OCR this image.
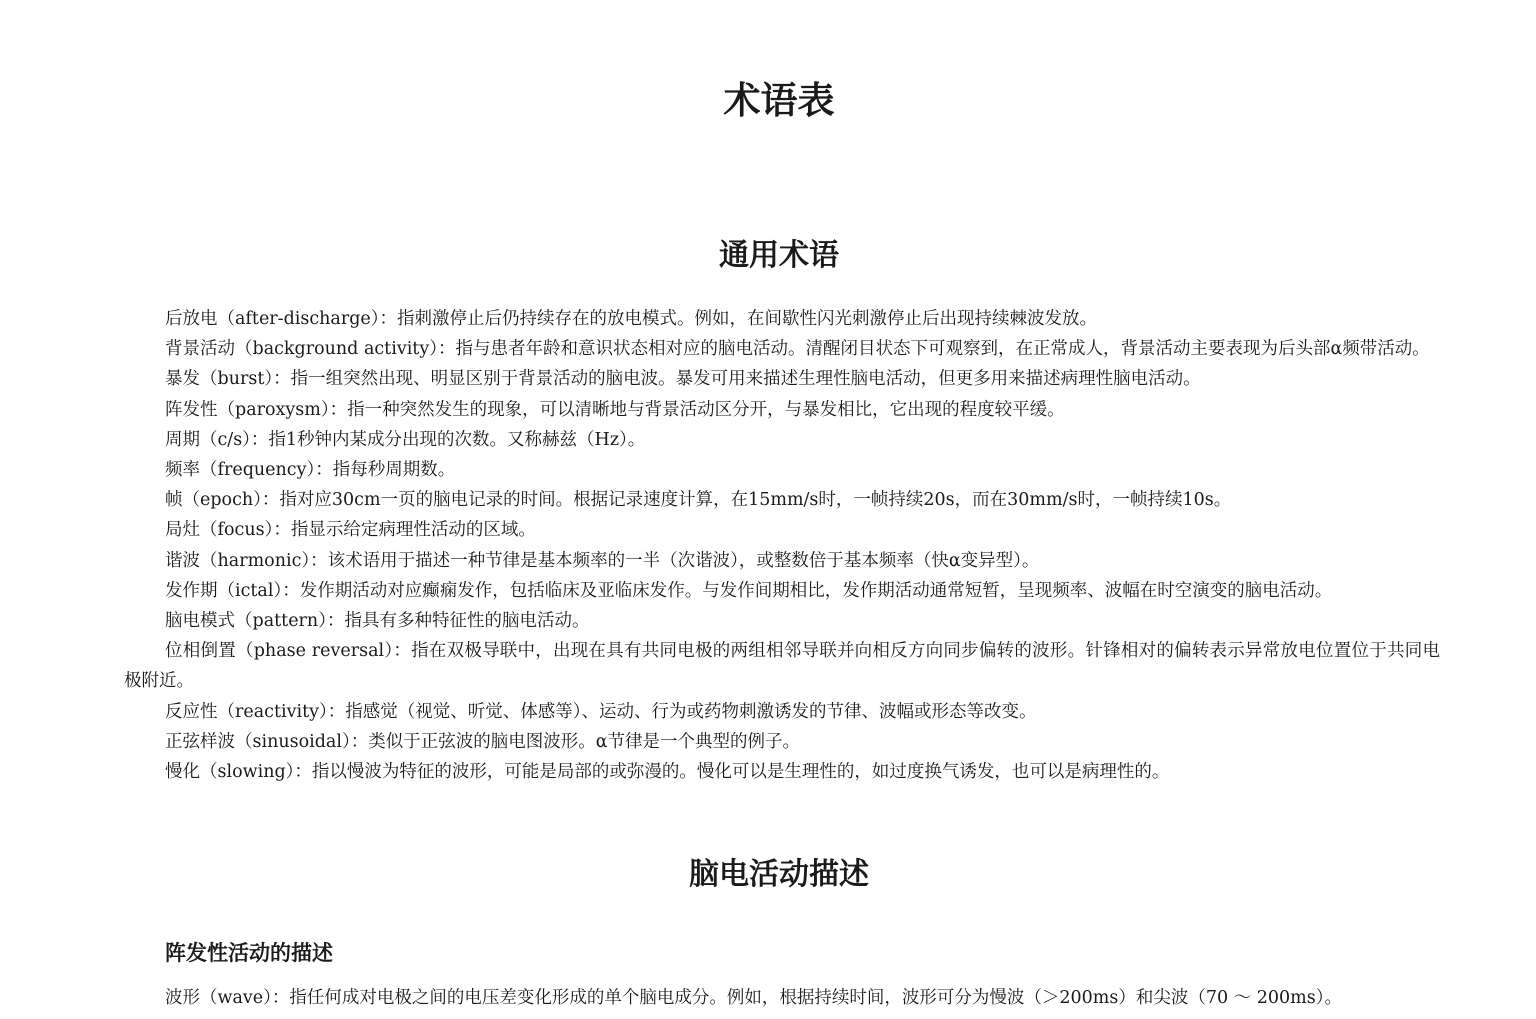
术语表
通用术语

后放电（after-discharge）：指刺激停止后仍持续存在的放电模式。例如，在间歇性闪光刺激停止后出现持续棘波发放。

背景活动（background activity）：指与患者年龄和意识状态相对应的脑电活动。清醒闭目状态下可观察到，在正常成人，背景活动主要表现为后头部α频带活动。

暴发（burst）：指一组突然出现、明显区别于背景活动的脑电波。暴发可用来描述生理性脑电活动，但更多用来描述病理性脑电活动。

阵发性（paroxysm）：指一种突然发生的现象，可以清晰地与背景活动区分开，与暴发相比，它出现的程度较平缓。

周期（c/s）：指1秒钟内某成分出现的次数。又称赫兹（Hz）。

频率（frequency）：指每秒周期数。

帧（epoch）：指对应30cm一页的脑电记录的时间。根据记录速度计算，在15mm/s时，一帧持续20s，而在30mm/s时，一帧持续10s。

局灶（focus）：指显示给定病理性活动的区域。

谐波（harmonic）：该术语用于描述一种节律是基本频率的一半（次谐波），或整数倍于基本频率（快α变异型）。

发作期（ictal）：发作期活动对应癫痫发作，包括临床及亚临床发作。与发作间期相比，发作期活动通常短暂，呈现频率、波幅在时空演变的脑电活动。

脑电模式（pattern）：指具有多种特征性的脑电活动。

位相倒置（phase reversal）：指在双极导联中，出现在具有共同电极的两组相邻导联并向相反方向同步偏转的波形。针锋相对的偏转表示异常放电位置位于共同电极附近。

反应性（reactivity）：指感觉（视觉、听觉、体感等）、运动、行为或药物刺激诱发的节律、波幅或形态等改变。

正弦样波（sinusoidal）：类似于正弦波的脑电图波形。α节律是一个典型的例子。

慢化（slowing）：指以慢波为特征的波形，可能是局部的或弥漫的。慢化可以是生理性的，如过度换气诱发，也可以是病理性的。

脑电活动描述
阵发性活动的描述

波形（wave）：指任何成对电极之间的电压差变化形成的单个脑电成分。例如，根据持续时间，波形可分为慢波（＞200ms）和尖波（70 ～ 200ms）。
